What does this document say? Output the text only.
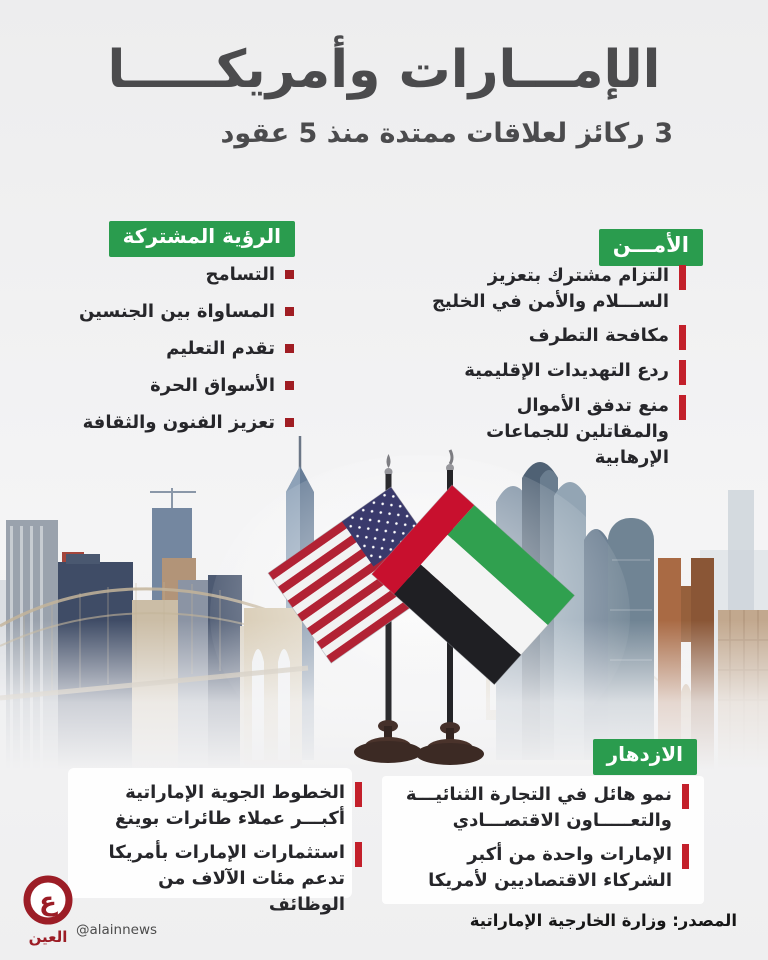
الإمـــارات وأمريكـــــا
3 ركائز لعلاقات ممتدة منذ 5 عقود
الأمـــن
التزام مشترك بتعزيز الســـلام والأمن في الخليج
مكافحة التطرف
ردع التهديدات الإقليمية
منع تدفق الأموال والمقاتلين للجماعات الإرهابية
الرؤية المشتركة
التسامح
المساواة بين الجنسين
تقدم التعليم
الأسواق الحرة
تعزيز الفنون والثقافة
الازدهار
نمو هائل في التجارة الثنائيـــة والتعـــــاون الاقتصـــادي
الإمارات واحدة من أكبر الشركاء الاقتصاديين لأمريكا
الخطوط الجوية الإماراتية أكبـــر عملاء طائرات بوينغ
استثمارات الإمارات بأمريكا تدعم مئات الآلاف من الوظائف
المصدر: وزارة الخارجية الإماراتية
ع
العين @alainnews
